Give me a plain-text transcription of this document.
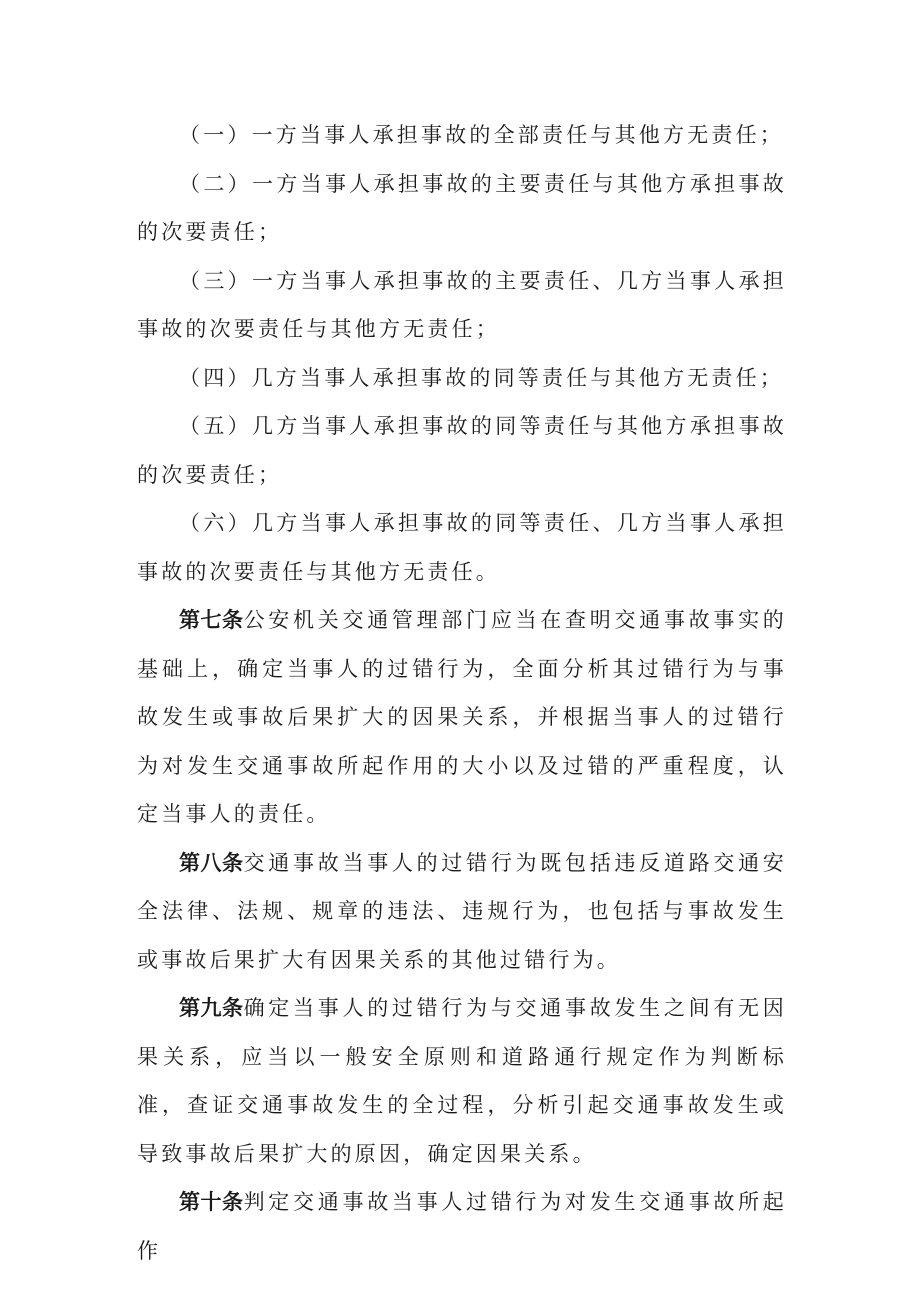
（一）一方当事人承担事故的全部责任与其他方无责任；

（二）一方当事人承担事故的主要责任与其他方承担事故的次要责任；

（三）一方当事人承担事故的主要责任、几方当事人承担事故的次要责任与其他方无责任；

（四）几方当事人承担事故的同等责任与其他方无责任；

（五）几方当事人承担事故的同等责任与其他方承担事故的次要责任；

（六）几方当事人承担事故的同等责任、几方当事人承担事故的次要责任与其他方无责任。

第七条公安机关交通管理部门应当在查明交通事故事实的基础上，确定当事人的过错行为，全面分析其过错行为与事故发生或事故后果扩大的因果关系，并根据当事人的过错行为对发生交通事故所起作用的大小以及过错的严重程度，认定当事人的责任。

第八条交通事故当事人的过错行为既包括违反道路交通安全法律、法规、规章的违法、违规行为，也包括与事故发生或事故后果扩大有因果关系的其他过错行为。

第九条确定当事人的过错行为与交通事故发生之间有无因果关系，应当以一般安全原则和道路通行规定作为判断标准，查证交通事故发生的全过程，分析引起交通事故发生或导致事故后果扩大的原因，确定因果关系。

第十条判定交通事故当事人过错行为对发生交通事故所起作
